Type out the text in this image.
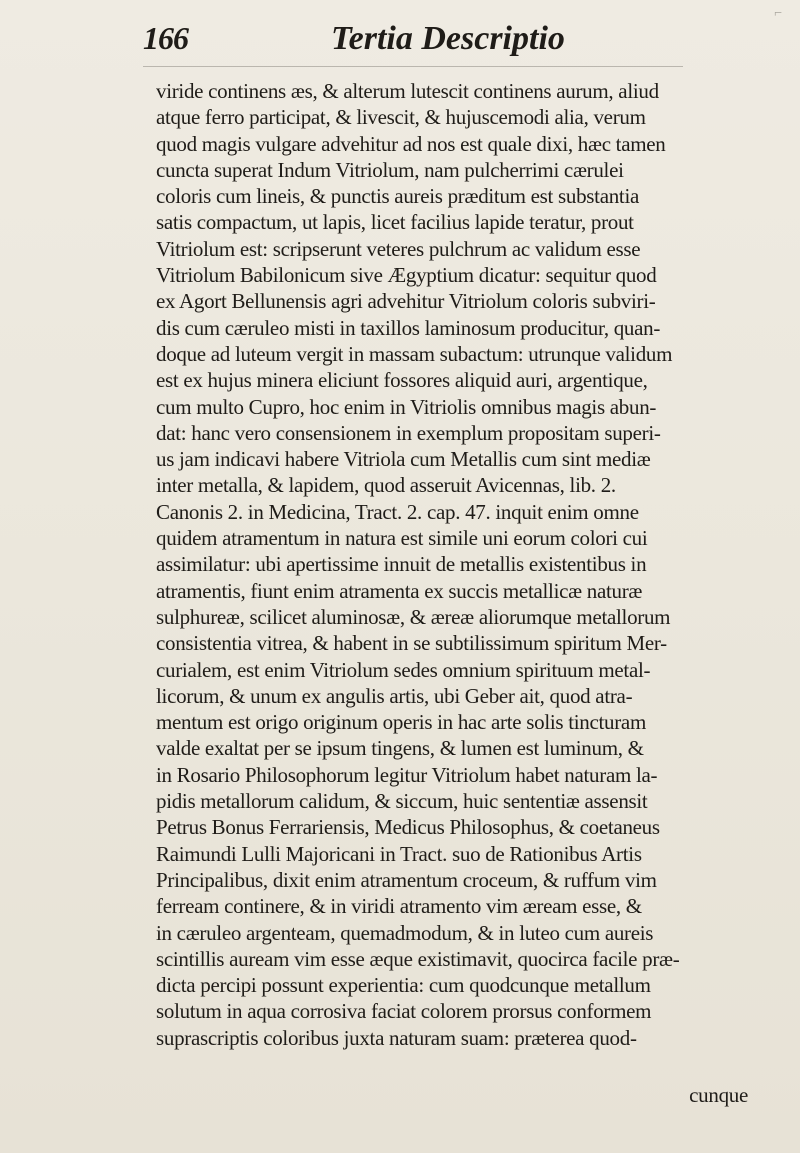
⌐
166	Tertia Descriptio
viride continens æs, & alterum lutescit continens aurum, aliud
atque ferro participat, & livescit, & hujuscemodi alia, verum
quod magis vulgare advehitur ad nos est quale dixi, hæc tamen
cuncta superat Indum Vitriolum, nam pulcherrimi cærulei
coloris cum lineis, & punctis aureis præditum est substantia
satis compactum, ut lapis, licet facilius lapide teratur, prout
Vitriolum est: scripserunt veteres pulchrum ac validum esse
Vitriolum Babilonicum sive Ægyptium dicatur: sequitur quod
ex Agort Bellunensis agri advehitur Vitriolum coloris subviri-
dis cum cæruleo misti in taxillos laminosum producitur, quan-
doque ad luteum vergit in massam subactum: utrunque validum
est ex hujus minera eliciunt fossores aliquid auri, argentique,
cum multo Cupro, hoc enim in Vitriolis omnibus magis abun-
dat: hanc vero consensionem in exemplum propositam superi-
us jam indicavi habere Vitriola cum Metallis cum sint mediæ
inter metalla, & lapidem, quod asseruit Avicennas, lib. 2.
Canonis 2. in Medicina, Tract. 2. cap. 47. inquit enim omne
quidem atramentum in natura est simile uni eorum colori cui
assimilatur: ubi apertissime innuit de metallis existentibus in
atramentis, fiunt enim atramenta ex succis metallicæ naturæ
sulphureæ, scilicet aluminosæ, & æreæ aliorumque metallorum
consistentia vitrea, & habent in se subtilissimum spiritum Mer-
curialem, est enim Vitriolum sedes omnium spirituum metal-
licorum, & unum ex angulis artis, ubi Geber ait, quod atra-
mentum est origo originum operis in hac arte solis tincturam
valde exaltat per se ipsum tingens, & lumen est luminum, &
in Rosario Philosophorum legitur Vitriolum habet naturam la-
pidis metallorum calidum, & siccum, huic sententiæ assensit
Petrus Bonus Ferrariensis, Medicus Philosophus, & coetaneus
Raimundi Lulli Majoricani in Tract. suo de Rationibus Artis
Principalibus, dixit enim atramentum croceum, & ruffum vim
ferream continere, & in viridi atramento vim æream esse, &
in cæruleo argenteam, quemadmodum, & in luteo cum aureis
scintillis auream vim esse æque existimavit, quocirca facile præ-
dicta percipi possunt experientia: cum quodcunque metallum
solutum in aqua corrosiva faciat colorem prorsus conformem
suprascriptis coloribus juxta naturam suam: præterea quod-
cunque
